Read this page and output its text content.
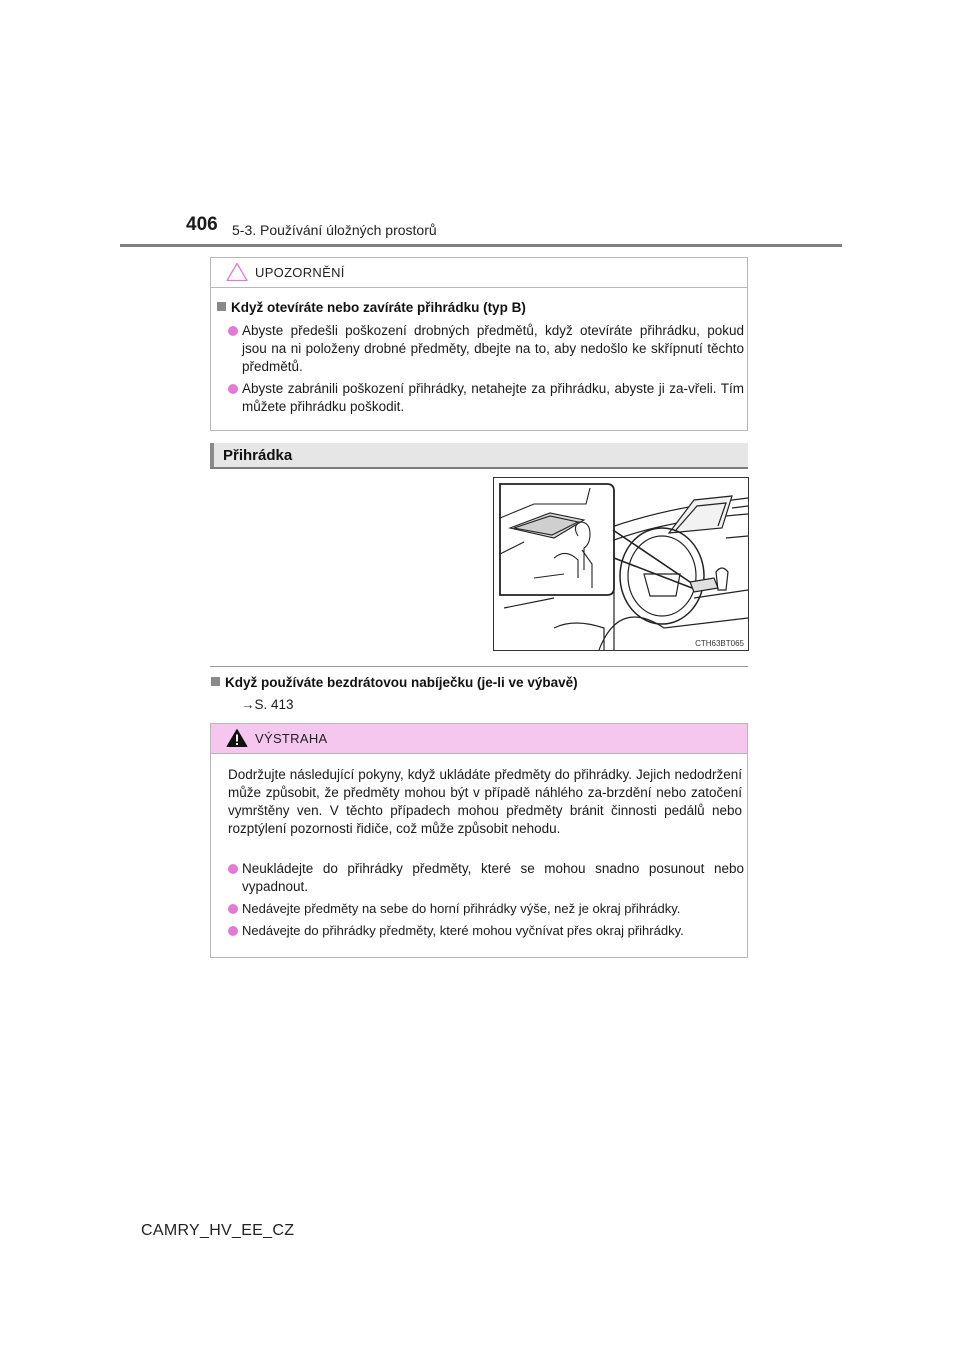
406 5-3. Používání úložných prostorů
UPOZORNĚNÍ
Když otevíráte nebo zavíráte přihrádku (typ B)
Abyste předešli poškození drobných předmětů, když otevíráte přihrádku, pokud jsou na ni položeny drobné předměty, dbejte na to, aby nedošlo ke skřípnutí těchto předmětů.
Abyste zabránili poškození přihrádky, netahejte za přihrádku, abyste ji za-vřeli. Tím můžete přihrádku poškodit.
Přihrádka
CTH63BT065
Když používáte bezdrátovou nabíječku (je-li ve výbavě)
→S. 413
VÝSTRAHA
Dodržujte následující pokyny, když ukládáte předměty do přihrádky. Jejich nedodržení může způsobit, že předměty mohou být v případě náhlého za-brzdění nebo zatočení vymrštěny ven. V těchto případech mohou předměty bránit činnosti pedálů nebo rozptýlení pozornosti řidiče, což může způsobit nehodu.
Neukládejte do přihrádky předměty, které se mohou snadno posunout nebo vypadnout.
Nedávejte předměty na sebe do horní přihrádky výše, než je okraj přihrádky.
Nedávejte do přihrádky předměty, které mohou vyčnívat přes okraj přihrádky.
CAMRY_HV_EE_CZ
